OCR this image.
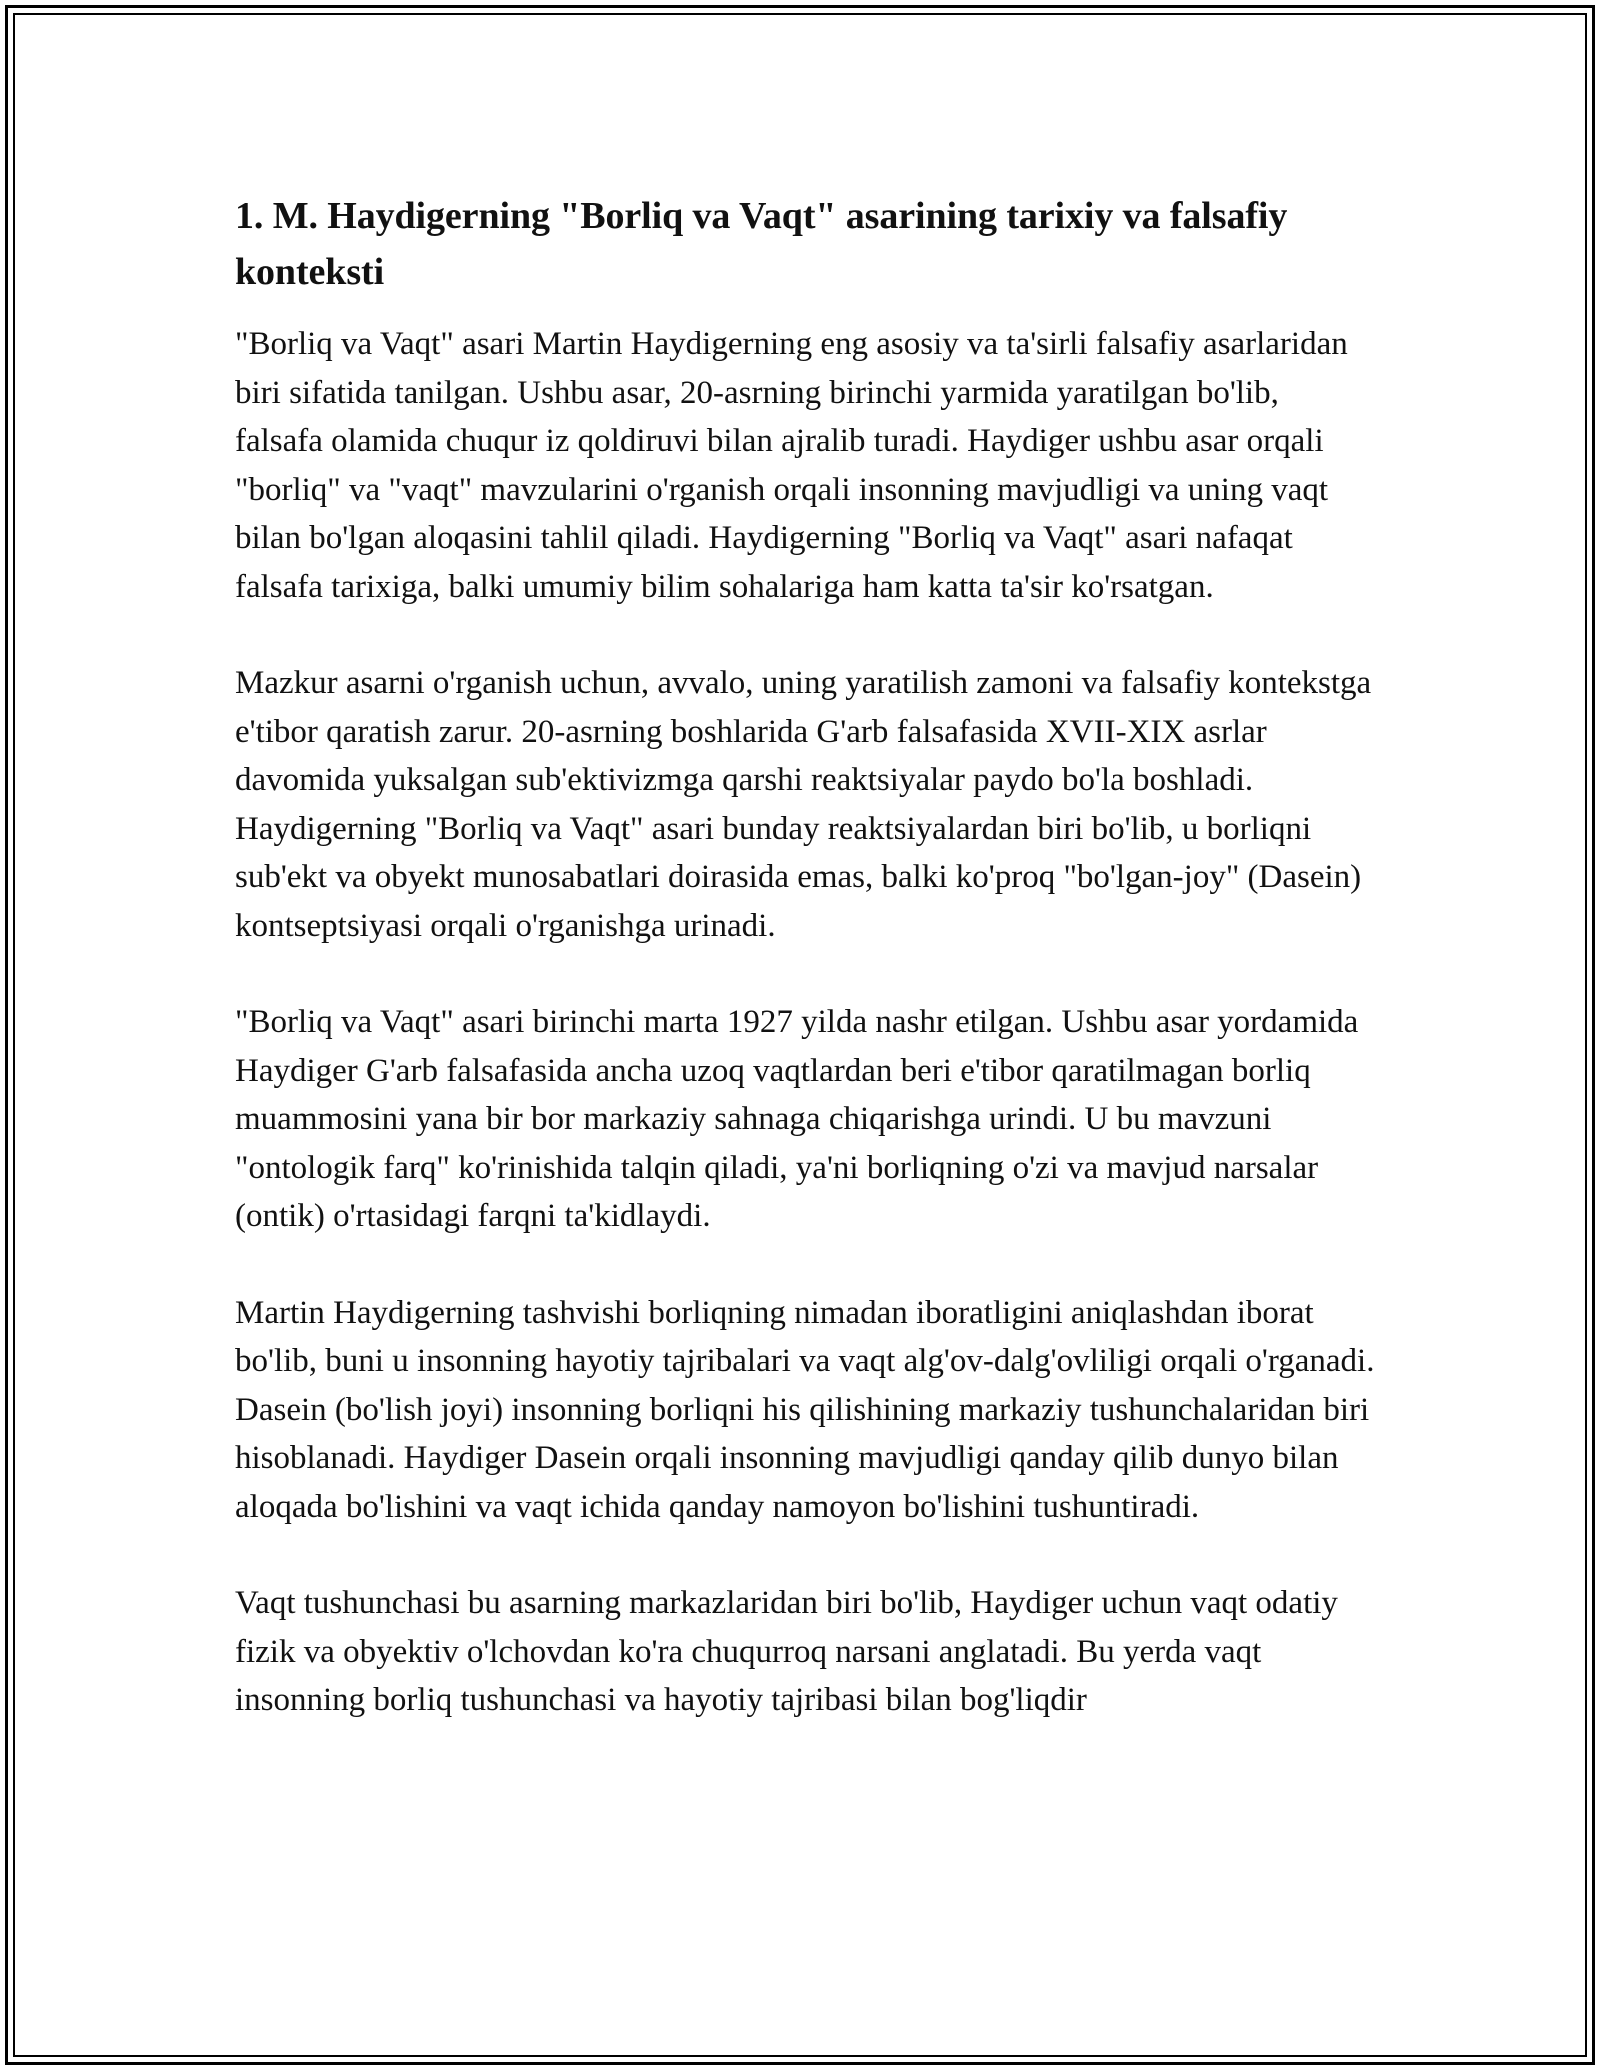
1. M. Haydigerning "Borliq va Vaqt" asarining tarixiy va falsafiy konteksti

"Borliq va Vaqt" asari Martin Haydigerning eng asosiy va ta'sirli falsafiy asarlaridan biri sifatida tanilgan. Ushbu asar, 20-asrning birinchi yarmida yaratilgan bo'lib, falsafa olamida chuqur iz qoldiruvi bilan ajralib turadi. Haydiger ushbu asar orqali "borliq" va "vaqt" mavzularini o'rganish orqali insonning mavjudligi va uning vaqt bilan bo'lgan aloqasini tahlil qiladi. Haydigerning "Borliq va Vaqt" asari nafaqat falsafa tarixiga, balki umumiy bilim sohalariga ham katta ta'sir ko'rsatgan.

Mazkur asarni o'rganish uchun, avvalo, uning yaratilish zamoni va falsafiy kontekstga e'tibor qaratish zarur. 20-asrning boshlarida G'arb falsafasida XVII-XIX asrlar davomida yuksalgan sub'ektivizmga qarshi reaktsiyalar paydo bo'la boshladi. Haydigerning "Borliq va Vaqt" asari bunday reaktsiyalardan biri bo'lib, u borliqni sub'ekt va obyekt munosabatlari doirasida emas, balki ko'proq "bo'lgan-joy" (Dasein) kontseptsiyasi orqali o'rganishga urinadi.

"Borliq va Vaqt" asari birinchi marta 1927 yilda nashr etilgan. Ushbu asar yordamida Haydiger G'arb falsafasida ancha uzoq vaqtlardan beri e'tibor qaratilmagan borliq muammosini yana bir bor markaziy sahnaga chiqarishga urindi. U bu mavzuni "ontologik farq" ko'rinishida talqin qiladi, ya'ni borliqning o'zi va mavjud narsalar (ontik) o'rtasidagi farqni ta'kidlaydi.

Martin Haydigerning tashvishi borliqning nimadan iboratligini aniqlashdan iborat bo'lib, buni u insonning hayotiy tajribalari va vaqt alg'ov-dalg'ovliligi orqali o'rganadi. Dasein (bo'lish joyi) insonning borliqni his qilishining markaziy tushunchalaridan biri hisoblanadi. Haydiger Dasein orqali insonning mavjudligi qanday qilib dunyo bilan aloqada bo'lishini va vaqt ichida qanday namoyon bo'lishini tushuntiradi.

Vaqt tushunchasi bu asarning markazlaridan biri bo'lib, Haydiger uchun vaqt odatiy fizik va obyektiv o'lchovdan ko'ra chuqurroq narsani anglatadi. Bu yerda vaqt insonning borliq tushunchasi va hayotiy tajribasi bilan bog'liqdir
